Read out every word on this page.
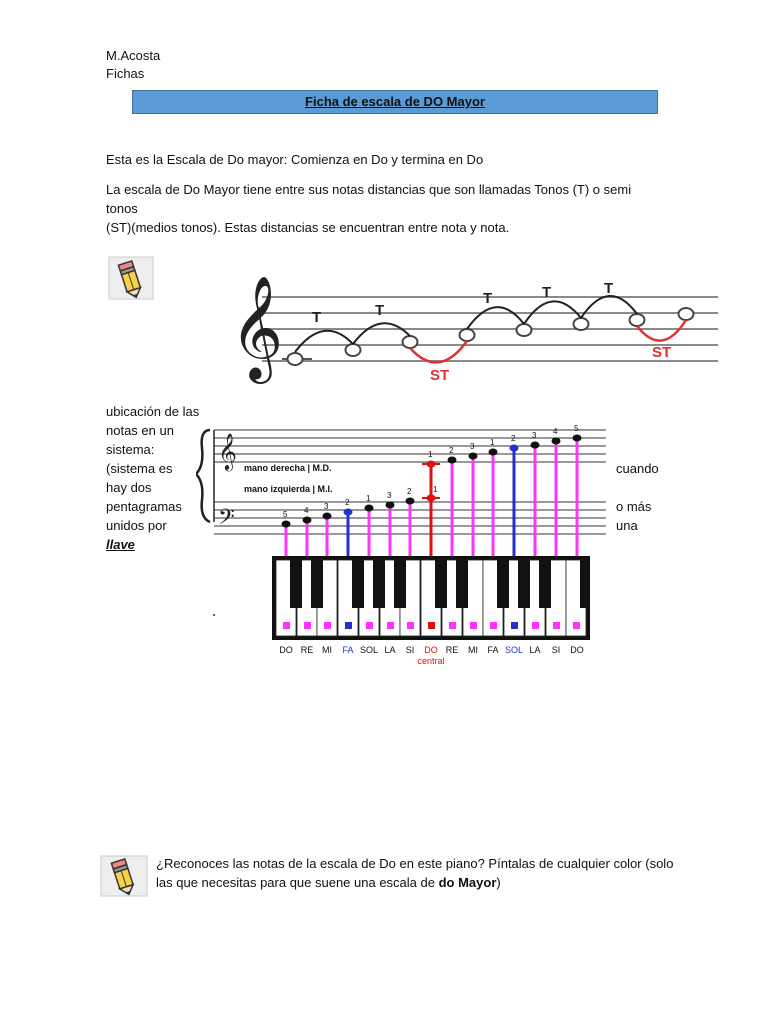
M.Acosta
Fichas
Ficha de escala de DO Mayor
Esta es la Escala de Do mayor: Comienza en Do y termina en Do
La escala de Do Mayor tiene entre sus notas distancias que son llamadas Tonos (T) o semi tonos
(ST)(medios tonos). Estas distancias se encuentran entre nota y nota.
𝄞 T	T
T	T	T
ST
ST
ubicación de las
notas en un
sistema:
(sistema es
hay dos
pentagramas
unidos por
llave
cuando
o más
una
𝄞
𝄢
mano derecha | M.D.
mano izquierda | M.I.
5 4 3 2 1 3 2	1
1 2 3 1 2 3 4 5
DO RE MI FA SOL LA SI DO RE MI FA SOL LA SI DO
central
¿Reconoces las notas de la escala de Do en este piano? Píntalas de cualquier color (solo
las que necesitas para que suene una escala de do Mayor)
